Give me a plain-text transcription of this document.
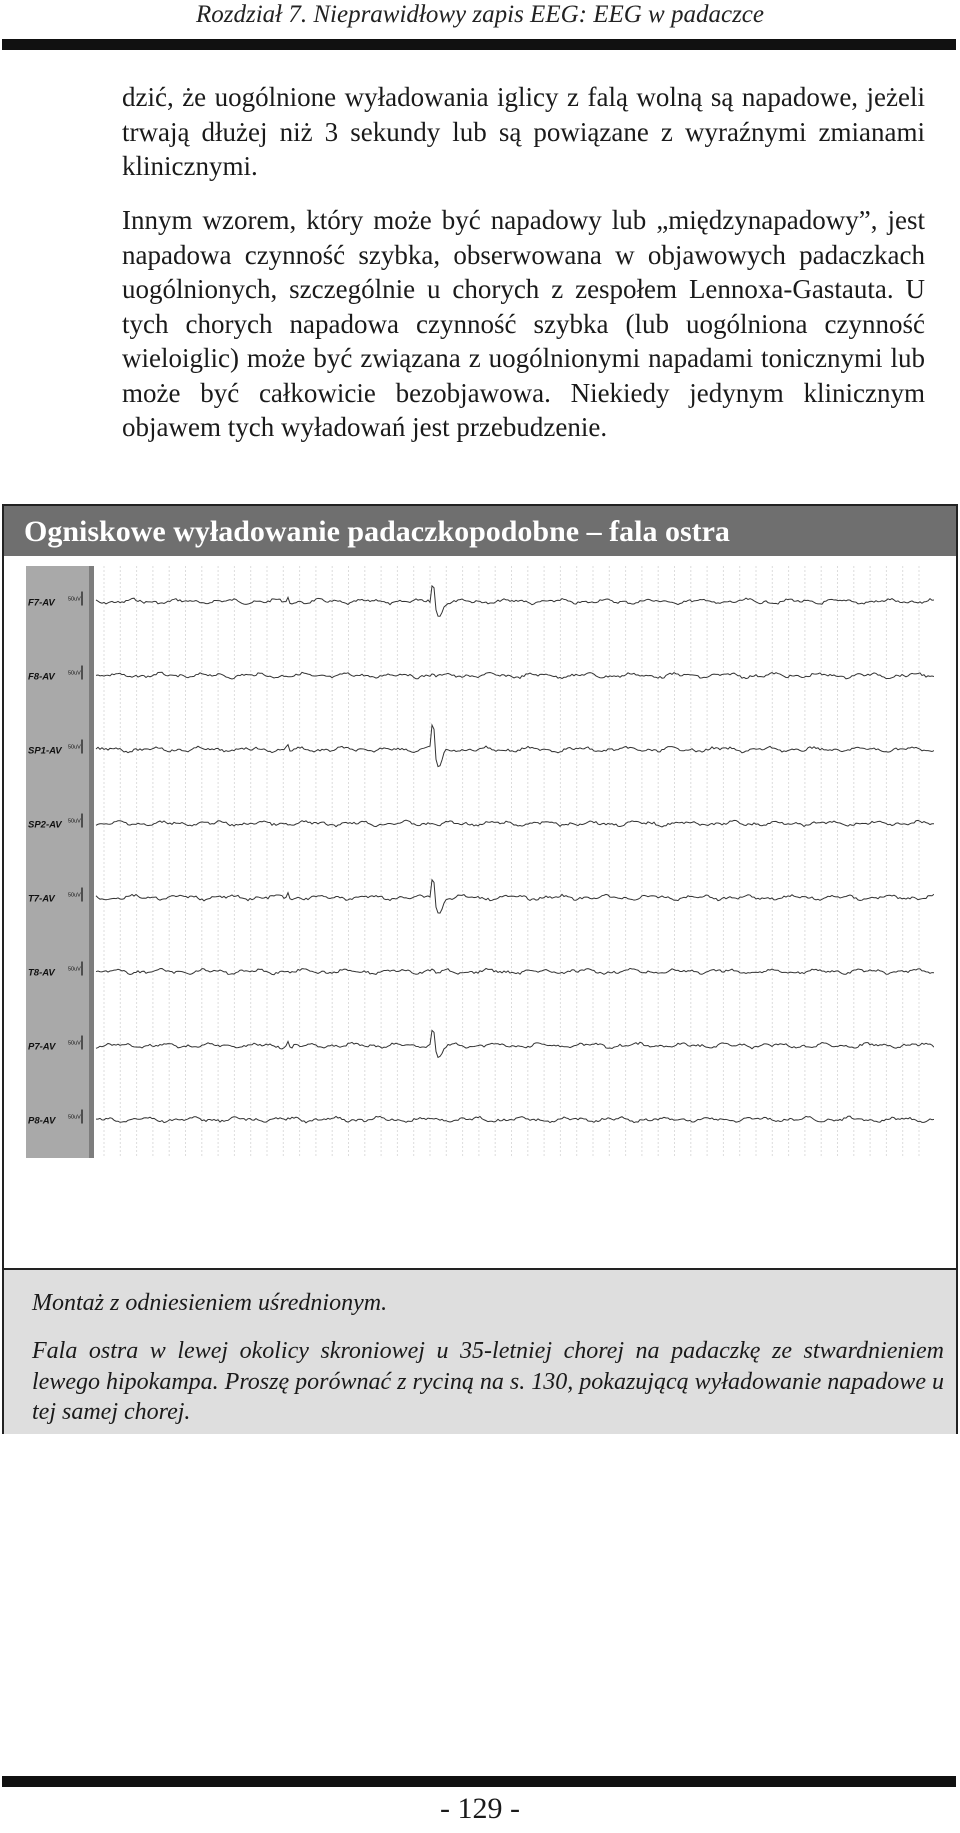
Rozdział 7. Nieprawidłowy zapis EEG: EEG w padaczce

dzić, że uogólnione wyładowania iglicy z falą wolną są napadowe, jeżeli trwają dłużej niż 3 sekundy lub są powiązane z wyraźnymi zmianami klinicznymi.

Innym wzorem, który może być napadowy lub „międzynapadowy”, jest napadowa czynność szybka, obserwowana w objawowych padaczkach uogólnionych, szczególnie u chorych z zespołem Lennoxa-Gastauta. U tych chorych napadowa czynność szybka (lub uogólniona czynność wieloiglic) może być związana z uogólnionymi napadami tonicznymi lub może być całkowicie bezobjawowa. Niekiedy jedynym klinicznym objawem tych wyładowań jest przebudzenie.

Ogniskowe wyładowanie padaczkopodobne – fala ostra
F7-AV 50uV
F8-AV 50uV
SP1-AV 50uV
SP2-AV 50uV
T7-AV 50uV
T8-AV 50uV
P7-AV 50uV
P8-AV 50uV

Montaż z odniesieniem uśrednionym.

Fala ostra w lewej okolicy skroniowej u 35-letniej chorej na padaczkę ze stwardnieniem lewego hipokampa. Proszę porównać z ryciną na s. 130, pokazującą wyładowanie napadowe u tej samej chorej.

- 129 -
